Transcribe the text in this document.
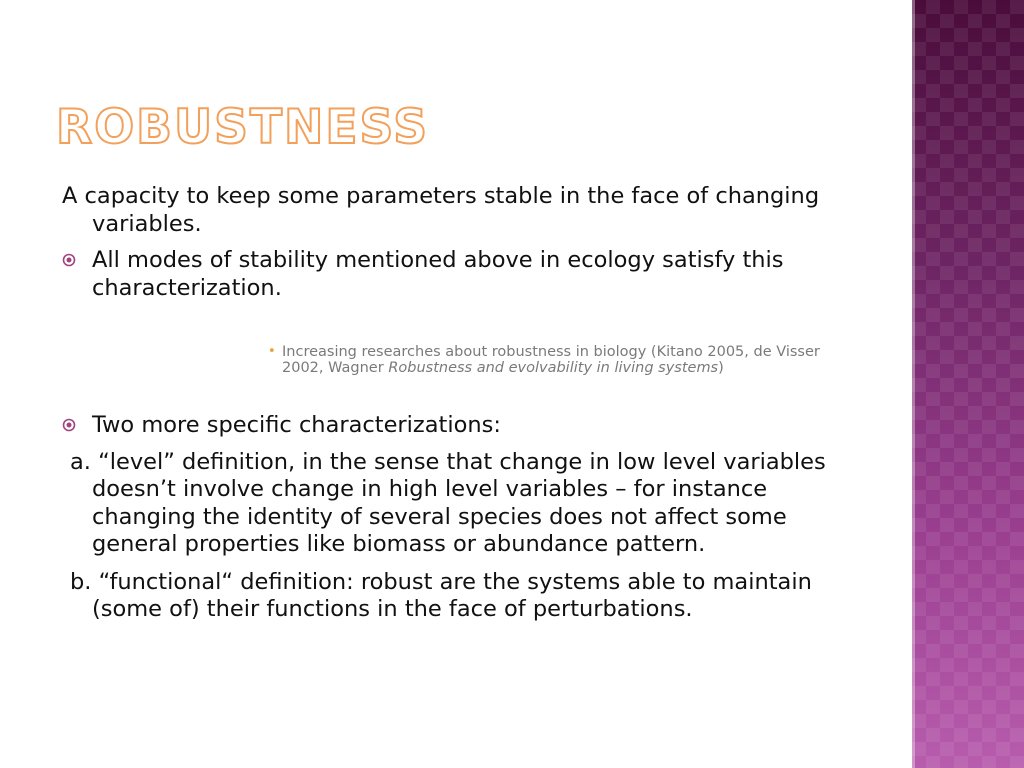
ROBUSTNESS

A capacity to keep some parameters stable in the face of changing variables.

All modes of stability mentioned above in ecology satisfy this characterization.
• Increasing researches about robustness in biology (Kitano 2005, de Visser 2002, Wagner Robustness and evolvability in living systems)
Two more specific characterizations:

a. “level” definition, in the sense that change in low level variables doesn’t involve change in high level variables – for instance changing the identity of several species does not affect some general properties like biomass or abundance pattern.

b. “functional“ definition: robust are the systems able to maintain (some of) their functions in the face of perturbations.
